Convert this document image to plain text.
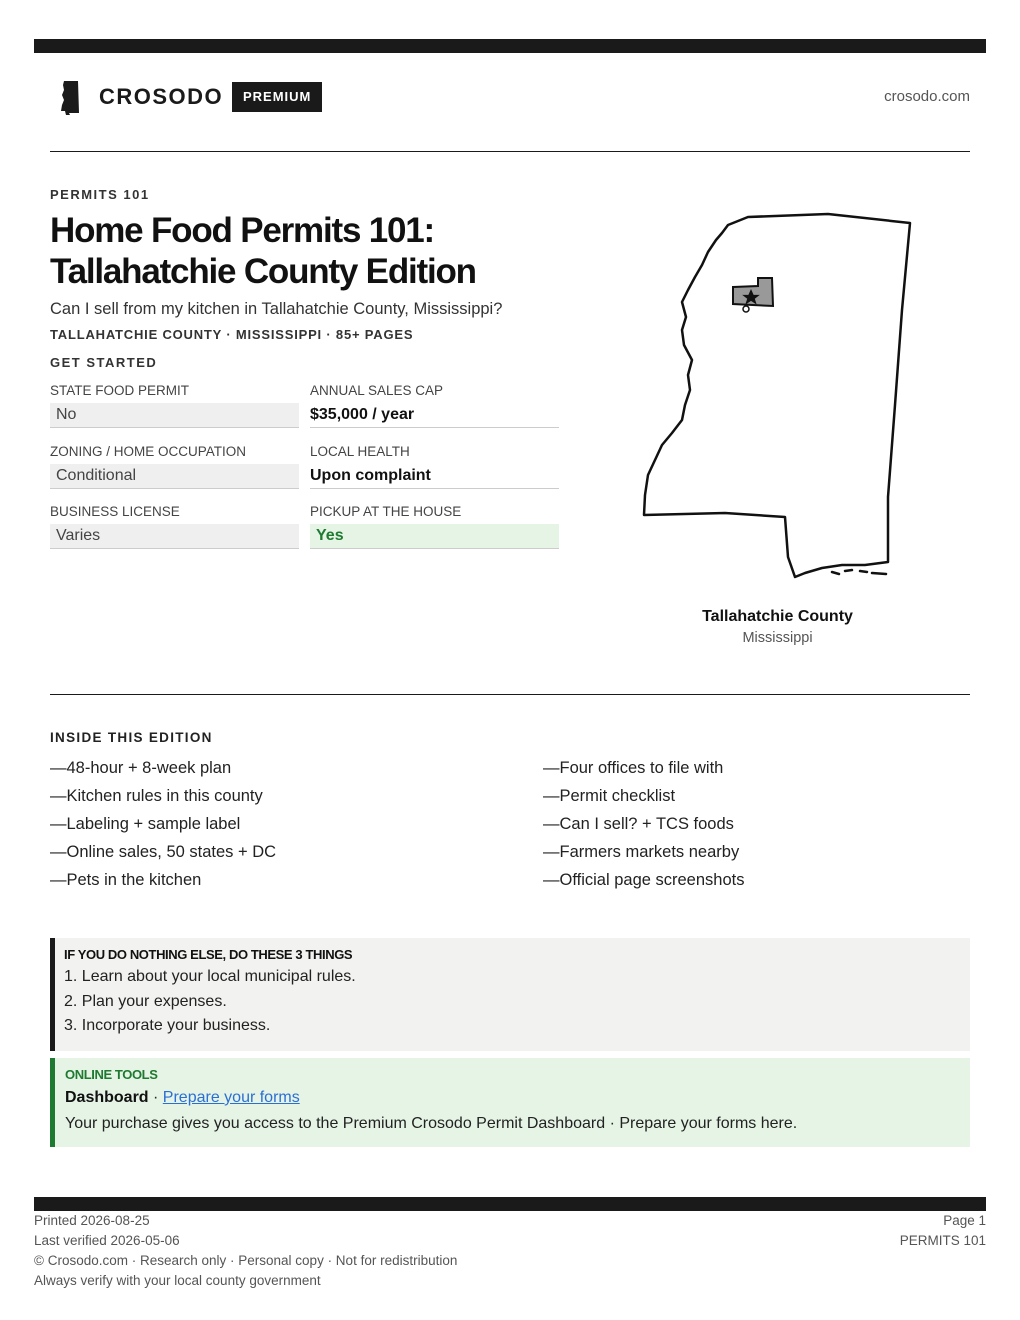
CROSODO	PREMIUM	crosodo.com
PERMITS 101
Home Food Permits 101:
Tallahatchie County Edition
Can I sell from my kitchen in Tallahatchie County, Mississippi?
TALLAHATCHIE COUNTY · MISSISSIPPI · 85+ PAGES
GET STARTED
STATE FOOD PERMIT
No
ANNUAL SALES CAP
$35,000 / year
ZONING / HOME OCCUPATION
Conditional
LOCAL HEALTH
Upon complaint
BUSINESS LICENSE
Varies
PICKUP AT THE HOUSE
Yes
Tallahatchie County
Mississippi
INSIDE THIS EDITION
—48-hour + 8-week plan
—Kitchen rules in this county
—Labeling + sample label
—Online sales, 50 states + DC
—Pets in the kitchen
—Four offices to file with
—Permit checklist
—Can I sell? + TCS foods
—Farmers markets nearby
—Official page screenshots
IF YOU DO NOTHING ELSE, DO THESE 3 THINGS
1. Learn about your local municipal rules.
2. Plan your expenses.
3. Incorporate your business.
ONLINE TOOLS
Dashboard · Prepare your forms
Your purchase gives you access to the Premium Crosodo Permit Dashboard · Prepare your forms here.
Printed 2026-08-25
Last verified 2026-05-06
© Crosodo.com · Research only · Personal copy · Not for redistribution
Always verify with your local county government
Page 1
PERMITS 101
